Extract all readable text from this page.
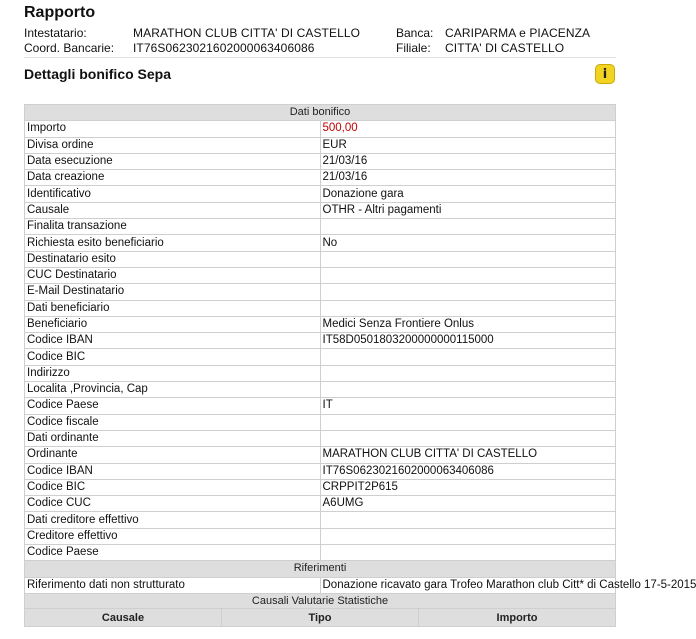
Rapporto
Intestatario:	MARATHON CLUB CITTA' DI CASTELLO
Coord. Bancarie:	IT76S0623021602000063406086
Banca:	CARIPARMA e PIACENZA
Filiale:	CITTA' DI CASTELLO
Dettagli bonifico Sepa	i
Dati bonifico	
Importo	500,00
Divisa ordine	EUR
Data esecuzione	21/03/16
Data creazione	21/03/16
Identificativo	Donazione gara
Causale	OTHR - Altri pagamenti
Finalita transazione	
Richiesta esito beneficiario	No
Destinatario esito	
CUC Destinatario	
E-Mail Destinatario	
Dati beneficiario	
Beneficiario	Medici Senza Frontiere Onlus
Codice IBAN	IT58D0501803200000000115000
Codice BIC	
Indirizzo	
Localita ,Provincia, Cap	
Codice Paese	IT
Codice fiscale	
Dati ordinante	
Ordinante	MARATHON CLUB CITTA' DI CASTELLO
Codice IBAN	IT76S0623021602000063406086
Codice BIC	CRPPIT2P615
Codice CUC	A6UMG
Dati creditore effettivo	
Creditore effettivo	
Codice Paese	
Riferimenti	
Riferimento dati non strutturato	Donazione ricavato gara Trofeo Marathon club Citt* di Castello 17-5-2015
Causali Valutarie Statistiche	
Causale	Tipo	Importo
